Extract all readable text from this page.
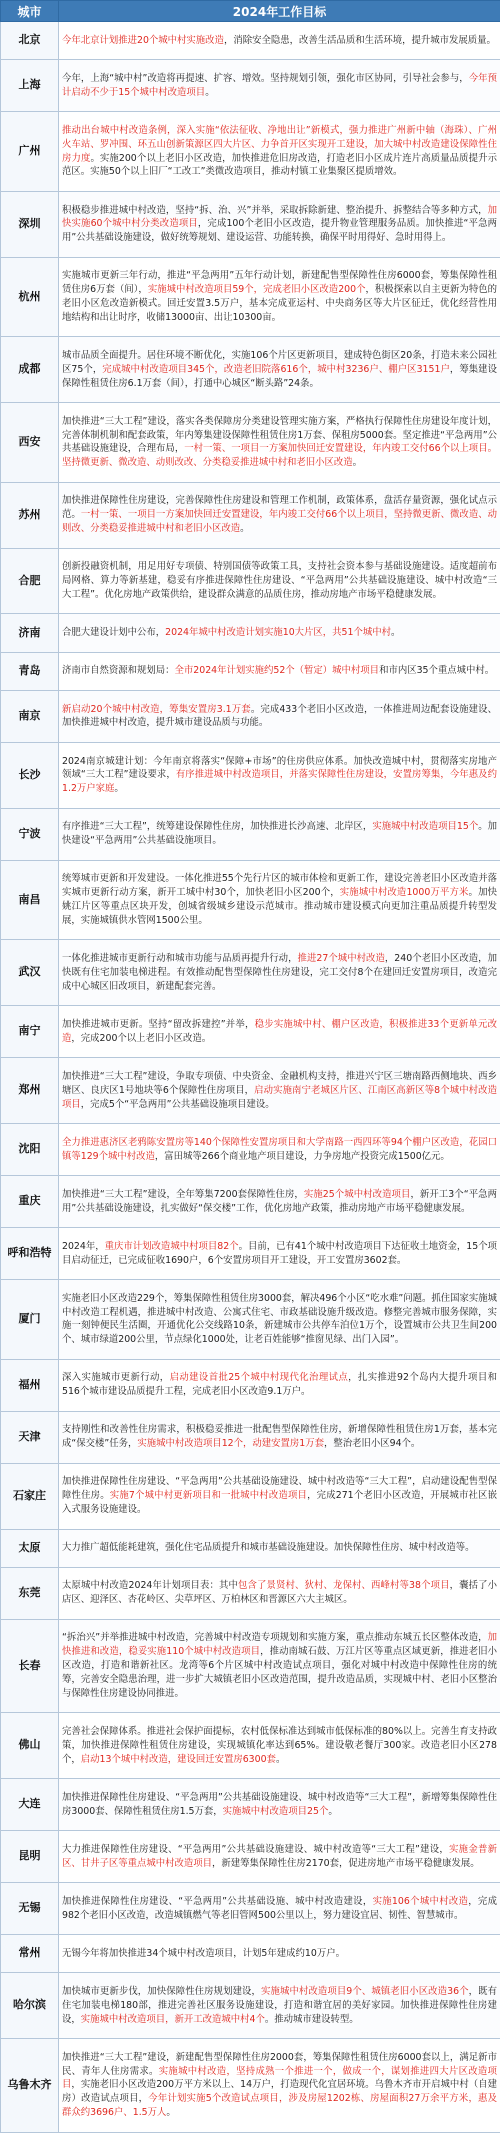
城市	2024年工作目标
北京	今年北京计划推进20个城中村实施改造，消除安全隐患，改善生活品质和生活环境，提升城市发展质量。
上海	今年，上海“城中村”改造将再提速、扩容、增效。坚持规划引领，强化市区协同，引导社会参与，今年预计启动不少于15个城中村改造项目。
广州	推动出台城中村改造条例，深入实施“依法征收、净地出让”新模式，强力推进广州新中轴（海珠）、广州火车站、罗冲围、环五山创新策源区四大片区、力争首开区实现开工建设，加大城中村改造建设保障性住房力度。实施200个以上老旧小区改造，加快推进危旧房改造，打造老旧小区成片连片高质量品质提升示范区。实施50个以上旧厂“工改工”类微改造项目，推动村镇工业集聚区提质增效。
深圳	积极稳步推进城中村改造，坚持“拆、治、兴”并举，采取拆除新建、整治提升、拆整结合等多种方式，加快实施60个城中村分类改造项目，完成100个老旧小区改造，提升物业管理服务品质。加快推进“平急两用”公共基础设施建设，做好统筹规划、建设运营、功能转换，确保平时用得好、急时用得上。
杭州	实施城市更新三年行动，推进“平急两用”五年行动计划，新建配售型保障性住房6000套，筹集保障性租赁住房6万套（间），实施城中村改造项目59个，完成老旧小区改造200个，积极探索以自主更新为特色的老旧小区危改造新模式。回迁安置3.5万户，基本完成亚运村、中央商务区等大片区征迁，优化经营性用地结构和出让时序，收储13000亩、出让10300亩。
成都	城市品质全面提升。居住环境不断优化，实施106个片区更新项目，建成特色街区20条，打造未来公园社区75个，完成城中村改造项目345个，改造老旧院落616个，城中村3236户、棚户区3151户，筹集建设保障性租赁住房6.1万套（间），打通中心城区“断头路”24条。
西安	加快推进“三大工程”建设，落实各类保障房分类建设管理实施方案，严格执行保障性住房建设年度计划，完善体制机制和配套政策，年内筹集建设保障性租赁住房1万套、保租房5000套。坚定推进“平急两用”公共基础设施建设，合理布局，一村一策、一项目一方案加快回迁安置建设，年内竣工交付66个以上项目。坚持微更新、微改造、动则改改、分类稳妥推进城中村和老旧小区改造。
苏州	加快推进保障性住房建设，完善保障性住房建设和管理工作机制，政策体系，盘活存量资源，强化试点示范。一村一策、一项目一方案加快回迁安置建设，年内竣工交付66个以上项目，坚持微更新、微改造、动则改、分类稳妥推进城中村和老旧小区改造。
合肥	创新投融资机制，用足用好专项债、特别国债等政策工具，支持社会资本参与基础设施建设。适度超前布局网格、算力等新基建，稳妥有序推进保障性住房建设、“平急两用”公共基础设施建设、城中村改造“三大工程”。优化房地产政策供给，建设群众满意的品质住房，推动房地产市场平稳健康发展。
济南	合肥大建设计划中公布，2024年城中村改造计划实施10大片区，共51个城中村。
青岛	济南市自然资源和规划局：全市2024年计划实施约52个（暂定）城中村项目和市内区35个重点城中村。
南京	新启动20个城中村改造，筹集安置房3.1万套。完成433个老旧小区改造，一体推进周边配套设施建设、加快推进城中村改造，提升城市建设品质与功能。
长沙	2024南京城建计划：今年南京将落实“保障+市场”的住房供应体系。加快改造城中村，贯彻落实房地产领域“三大工程”建设要求，有序推进城中村改造项目，并落实保障性住房建设，安置房筹集，今年惠及约1.2万户家庭。
宁波	有序推进“三大工程”，统筹建设保障性住房，加快推进长沙高速、北岸区，实施城中村改造项目15个。加快建设“平急两用”公共基础设施项目。
南昌	统筹城市更新和开发建设。一体化推进55个先行片区的城市体检和更新工作，建设完善老旧小区改造并落实城市更新行动方案，新开工城中村30个，加快老旧小区200个，实施城中村改造1000万平方米。加快姚江片区等重点区块开发，创城省级城乡建设示范城市。推动城市建设模式向更加注重品质提升转型发展，实施城镇供水管网1500公里。
武汉	一体化推进城市更新行动和城市功能与品质再提升行动，推进27个城中村改造，240个老旧小区改造，加快既有住宅加装电梯进程。有效推动配售型保障性住房建设，完工交付8个在建回迁安置房项目，改造完成中心城区旧改项目，新建配套完善。
南宁	加快推进城市更新。坚持“留改拆建控”并举，稳步实施城中村、棚户区改造，积极推进33个更新单元改造，完成200个以上老旧小区改造。
郑州	加快推进“三大工程”建设，争取专项债、中央资金、金融机构支持，推进兴宁区三塘南路西侧地块、西乡塘区、良庆区1号地块等6个保障性住房项目，启动实施南宁老城区片区、江南区高新区等8个城中村改造项目，完成5个“平急两用”公共基础设施项目建设。
沈阳	全力推进惠济区老鸦陈安置房等140个保障性安置房项目和大学南路一西四环等94个棚户区改造，花园口镇等129个城中村改造，富田城等266个商业地产项目建设，力争房地产投资完成1500亿元。
重庆	加快推进“三大工程”建设，全年筹集7200套保障性住房，实施25个城中村改造项目，新开工3个“平急两用”公共基础设施建设，扎实做好“保交楼”工作，优化房地产政策，推动房地产市场平稳健康发展。
呼和浩特	2024年，重庆市计划改造城中村项目82个。目前，已有41个城中村改造项目下达征收土地资金，15个项目启动征迁，已完成征收1690户，6个安置房项目开工建设，开工安置房3602套。
厦门	实施老旧小区改造229个，筹集保障性租赁住房3000套，解决496个小区“吃水难”问题。抓住国家实施城中村改造工程机遇，推进城中村改造、公寓式住宅、市政基础设施升级改造。修整完善城市服务保障，实施一刻钟便民生活圈，开通优化公交线路10条，新建城市公共停车泊位1万个，设置城市公共卫生间200个、城市绿道200公里，节点绿化1000处，让老百姓能够“推窗见绿、出门入园”。
福州	深入实施城市更新行动，启动建设首批25个城中村现代化治理试点，扎实推进92个岛内大提升项目和516个城市建设品质提升工程，完成老旧小区改造9.1万户。
天津	支持刚性和改善性住房需求，积极稳妥推进一批配售型保障性住房，新增保障性租赁住房1万套，基本完成“保交楼”任务，实施城中村改造项目12个，动建安置房1万套，整治老旧小区94个。
石家庄	加快推进保障性住房建设、“平急两用”公共基础设施建设、城中村改造等“三大工程”，启动建设配售型保障性住房。实施7个城中村更新项目和一批城中村改造项目，完成271个老旧小区改造，开展城市社区嵌入式服务设施建设。
太原	大力推广超低能耗建筑，强化住宅品质提升和城市基础设施建设。加快保障性住房、城中村改造等。
东莞	太原城中村改造2024年计划项目表：其中包含了景贤村、狄村、龙保村、西峰村等38个项目，囊括了小店区、迎泽区、杏花岭区、尖草坪区、万柏林区和晋源区六大主城区。
长春	“拆治兴”并举推进城中村改造，完善城中村改造专项规划和实施方案，重点推动东城五长区整体改造，加快推进和改造，稳妥实施110个城中村改造项目，推动南城石鼓、万江片区等重点区域更新，推进老旧小区改造，打造和谐新社区。龙湾等6个片区城中村改造试点项目，强化对城中村改造中保障性住房的统筹，完善安全隐患治理，进一步扩大城镇老旧小区改造范围，提升改造品质，实现城中村、老旧小区整治与保障性住房建设协同推进。
佛山	完善社会保障体系。推进社会保护面提标，农村低保标准达到城市低保标准的80%以上。完善生育支持政策，加快推进保障性租赁住房建设，实现城镇化率达到65%。建设敬老餐厅300家。改造老旧小区278个，启动13个城中村改造，建设回迁安置房6300套。
大连	加快推进保障性住房建设、“平急两用”公共基础设施建设、城中村改造等“三大工程”，新增筹集保障性住房3000套、保障性租赁住房1.5万套，实施城中村改造项目25个。
昆明	大力推进保障性住房建设、“平急两用”公共基础设施建设、城中村改造等“三大工程”建设，实施金普新区、甘井子区等重点城中村改造项目，新建筹集保障性住房2170套，促进房地产市场平稳健康发展。
无锡	加快推进保障性住房建设、“平急两用”公共基础设施、城中村改造建设，实施106个城中村改造，完成982个老旧小区改造，改造城镇燃气等老旧管网500公里以上，努力建设宜居、韧性、智慧城市。
常州	无锡今年将加快推进34个城中村改造项目，计划5年建成约10万户。
哈尔滨	加快城市更新步伐，加快保障性住房规划建设，实施城中村改造项目9个、城镇老旧小区改造36个，既有住宅加装电梯180部，推进完善社区服务设施建设，打造和谐宜居的美好家园。加快推进保障性住房建设，实施城中村改造项目，新开工改造城中村4个。推动城市建设转型。
乌鲁木齐	加快推进“三大工程”建设，新建配售型保障性住房2000套，筹集保障性租赁住房6000套以上，满足新市民、青年人住房需求。实施城中村改造，坚持成熟一个推进一个，做成一个，谋划推进四大片区改造项目，实施老旧小区改造200万平方米以上、14万户，打造现代化宜居环境。乌鲁木齐市开启城中村（自建房）改造试点项目，今年计划实施5个改造试点项目，涉及房屋1202栋、房屋面积27万余平方米，惠及群众约3696户、1.5万人。
